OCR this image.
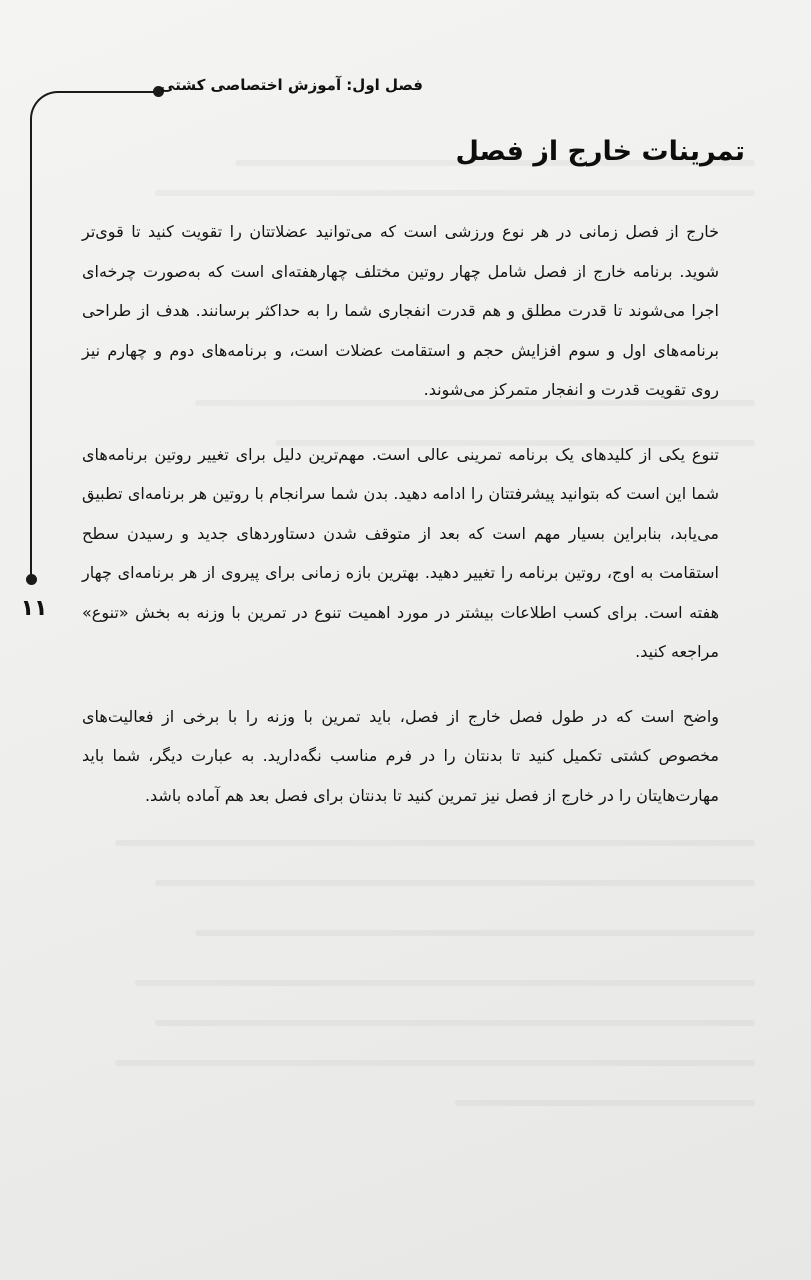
فصل اول: آموزش اختصاصی کشتی
۱۱
تمرینات خارج از فصل

خارج از فصل زمانی در هر نوع ورزشی است که می‌توانید عضلاتتان را تقویت کنید تا قوی‌تر شوید. برنامه خارج از فصل شامل چهار روتین مختلف چهارهفته‌ای است که به‌صورت چرخه‌ای اجرا می‌شوند تا قدرت مطلق و هم قدرت انفجاری شما را به حداکثر برسانند. هدف از طراحی برنامه‌های اول و سوم افزایش حجم و استقامت عضلات است، و برنامه‌های دوم و چهارم نیز روی تقویت قدرت و انفجار متمرکز می‌شوند.

تنوع یکی از کلیدهای یک برنامه تمرینی عالی است. مهم‌ترین دلیل برای تغییر روتین برنامه‌های شما این است که بتوانید پیشرفتتان را ادامه دهید. بدن شما سرانجام با روتین هر برنامه‌ای تطبیق می‌یابد، بنابراین بسیار مهم است که بعد از متوقف شدن دستاوردهای جدید و رسیدن سطح استقامت به اوج، روتین برنامه را تغییر دهید. بهترین بازه زمانی برای پیروی از هر برنامه‌ای چهار هفته است. برای کسب اطلاعات بیشتر در مورد اهمیت تنوع در تمرین با وزنه به بخش «تنوع» مراجعه کنید.

واضح است که در طول فصل خارج از فصل، باید تمرین با وزنه را با برخی از فعالیت‌های مخصوص کشتی تکمیل کنید تا بدنتان را در فرم مناسب نگه‌دارید. به عبارت دیگر، شما باید مهارت‌هایتان را در خارج از فصل نیز تمرین کنید تا بدنتان برای فصل بعد هم آماده باشد.
